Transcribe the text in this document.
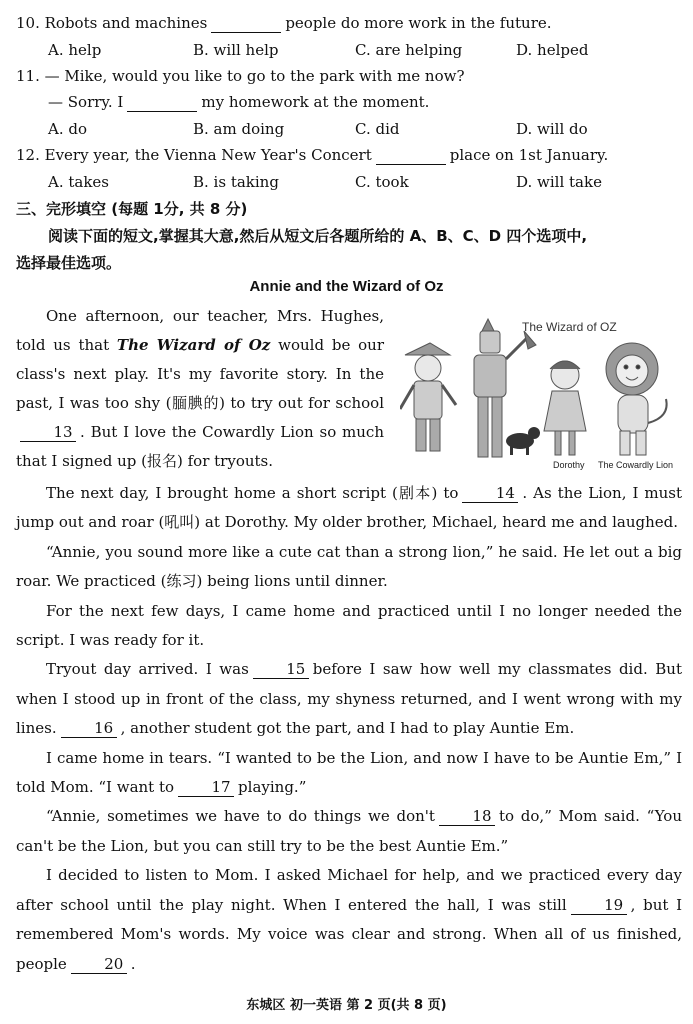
10. Robots and machines	people do more work in the future.
A. help	B. will help	C. are helping	D. helped
11. — Mike, would you like to go to the park with me now?
— Sorry. I	my homework at the moment.
A. do	B. am doing	C. did	D. will do
12. Every year, the Vienna New Year's Concert	place on 1st January.
A. takes	B. is taking	C. took	D. will take
三、完形填空 (每题 1分, 共 8 分)
阅读下面的短文,掌握其大意,然后从短文后各题所给的 A、B、C、D 四个选项中,
选择最佳选项。
Annie and the Wizard of Oz

One afternoon, our teacher, Mrs. Hughes, told us that The Wizard of Oz would be our class's next play. It's my favorite story. In the past, I was too shy (腼腆的) to try out for school13 . But I love the Cowardly Lion so much that I signed up (报名) for tryouts.

The Wizard of OZ
Dorothy The Cowardly Lion

The next day, I brought home a short script (剧本) to 14 . As the Lion, I must jump out and roar (吼叫) at Dorothy. My older brother, Michael, heard me and laughed.

“Annie, you sound more like a cute cat than a strong lion,” he said. He let out a big roar. We practiced (练习) being lions until dinner.

For the next few days, I came home and practiced until I no longer needed the script. I was ready for it.

Tryout day arrived. I was 15 before I saw how well my classmates did. But when I stood up in front of the class, my shyness returned, and I went wrong with my lines. 16 , another student got the part, and I had to play Auntie Em.

I came home in tears. “I wanted to be the Lion, and now I have to be Auntie Em,” I told Mom. “I want to 17 playing.”

“Annie, sometimes we have to do things we don't 18 to do,” Mom said. “You can't be the Lion, but you can still try to be the best Auntie Em.”

I decided to listen to Mom. I asked Michael for help, and we practiced every day after school until the play night. When I entered the hall, I was still 19 , but I remembered Mom's words. My voice was clear and strong. When all of us finished, people 20 .

东城区 初一英语 第 2 页(共 8 页)
